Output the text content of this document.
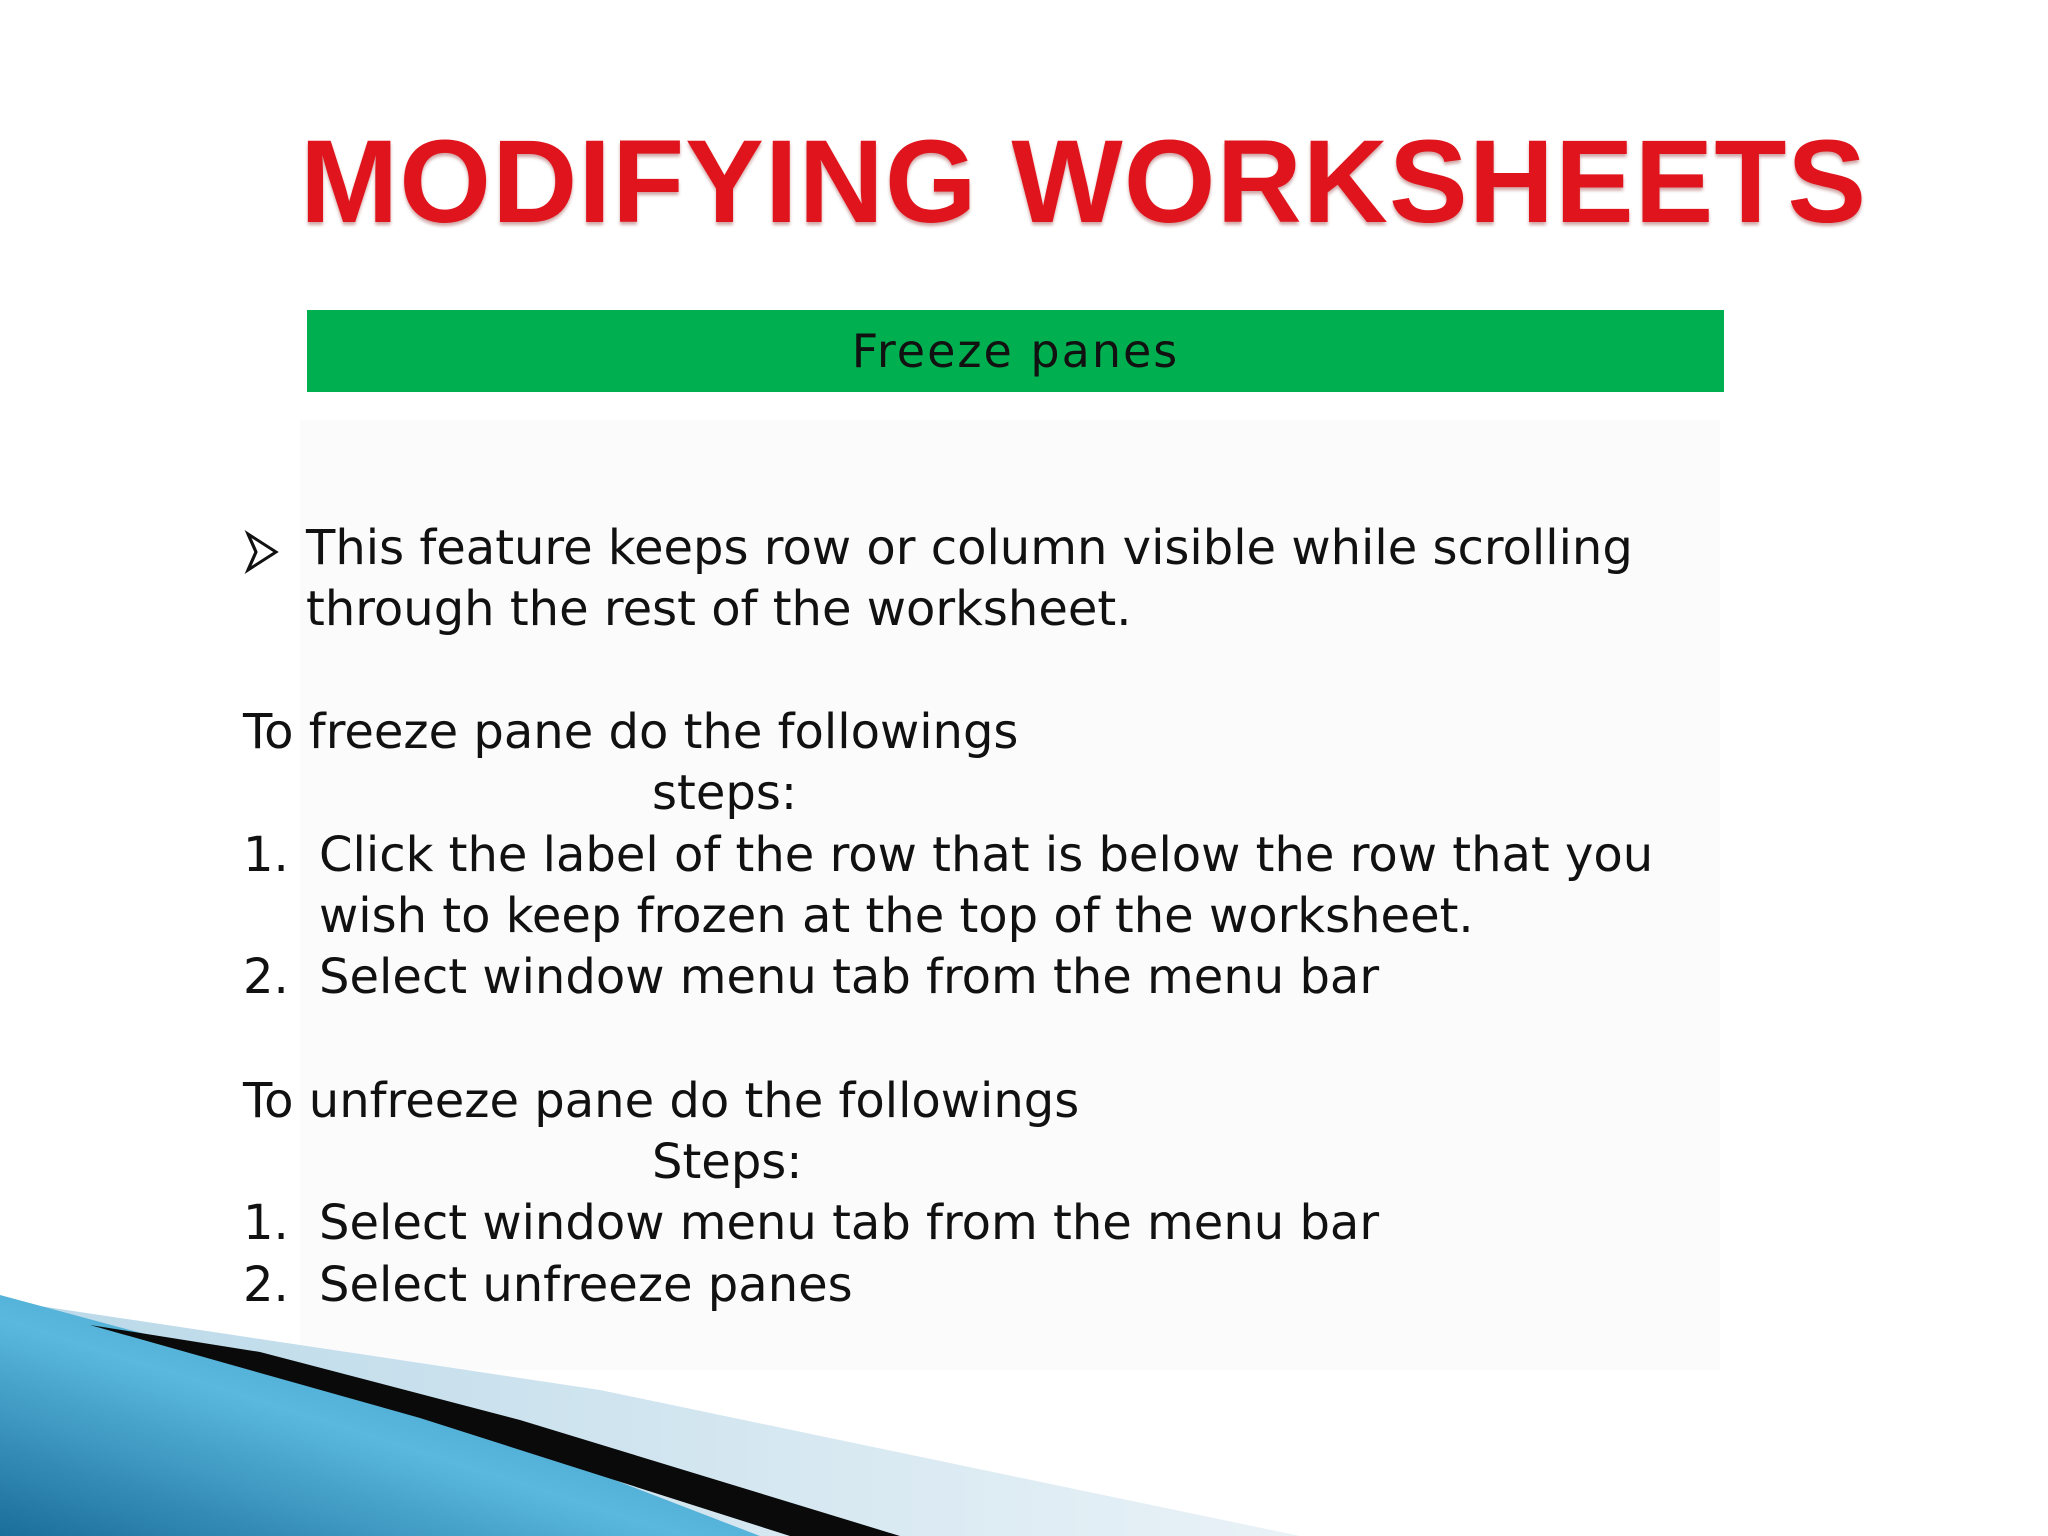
MODIFYING WORKSHEETS
Freeze panes
This feature keeps row or column visible while scrolling
through the rest of the worksheet.
To freeze pane do the followings
steps:
1. Click the label of the row that is below the row that you
wish to keep frozen at the top of the worksheet.
2. Select window menu tab from the menu bar
To unfreeze pane do the followings
Steps:
1. Select window menu tab from the menu bar
2. Select unfreeze panes
